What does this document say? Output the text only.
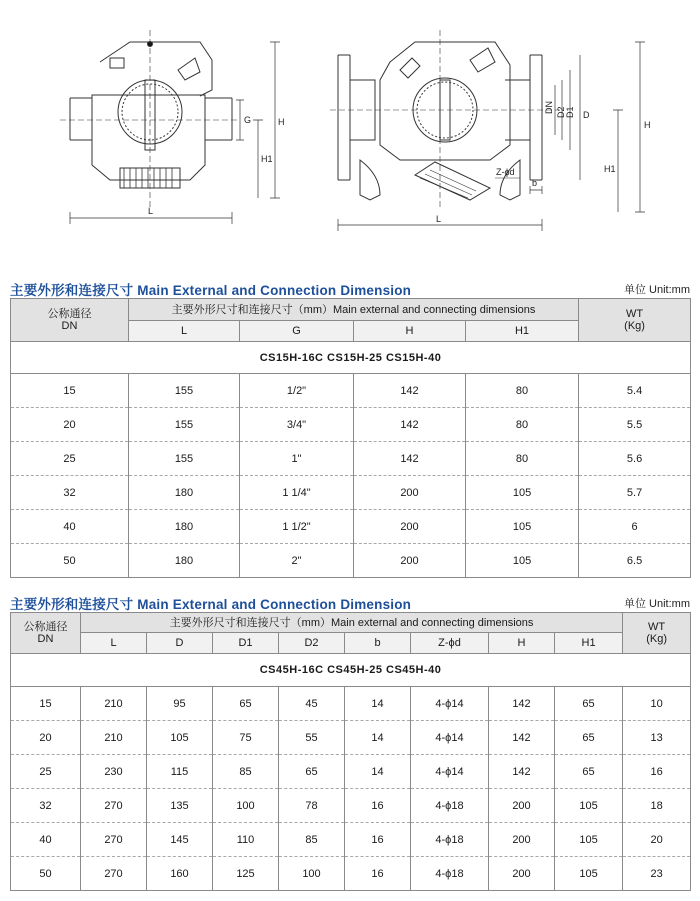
G	H
H1
L
DN D2 D1 D
H
H1
Z-ϕd
b
L
主要外形和连接尺寸 Main External and Connection Dimension	单位 Unit:mm
公称通径
DN	主要外形尺寸和连接尺寸（mm）Main external and connecting dimensions				WT
(Kg)

	L	G	H	H1	
CS15H-16C CS15H-25 CS15H-40					
15	155	1/2"	142	80	5.4
20	155	3/4"	142	80	5.5
25	155	1"	142	80	5.6
32	180	1 1/4"	200	105	5.7
40	180	1 1/2"	200	105	6
50	180	2"	200	105	6.5
主要外形和连接尺寸 Main External and Connection Dimension	单位 Unit:mm
公称通径
DN	主要外形尺寸和连接尺寸（mm）Main external and connecting dimensions								WT
(Kg)

	L	D	D1	D2	b	Z-ϕd	H	H1	
CS45H-16C CS45H-25 CS45H-40									
15	210	95	65	45	14	4-ϕ14	142	65	10
20	210	105	75	55	14	4-ϕ14	142	65	13
25	230	115	85	65	14	4-ϕ14	142	65	16
32	270	135	100	78	16	4-ϕ18	200	105	18
40	270	145	110	85	16	4-ϕ18	200	105	20
50	270	160	125	100	16	4-ϕ18	200	105	23
